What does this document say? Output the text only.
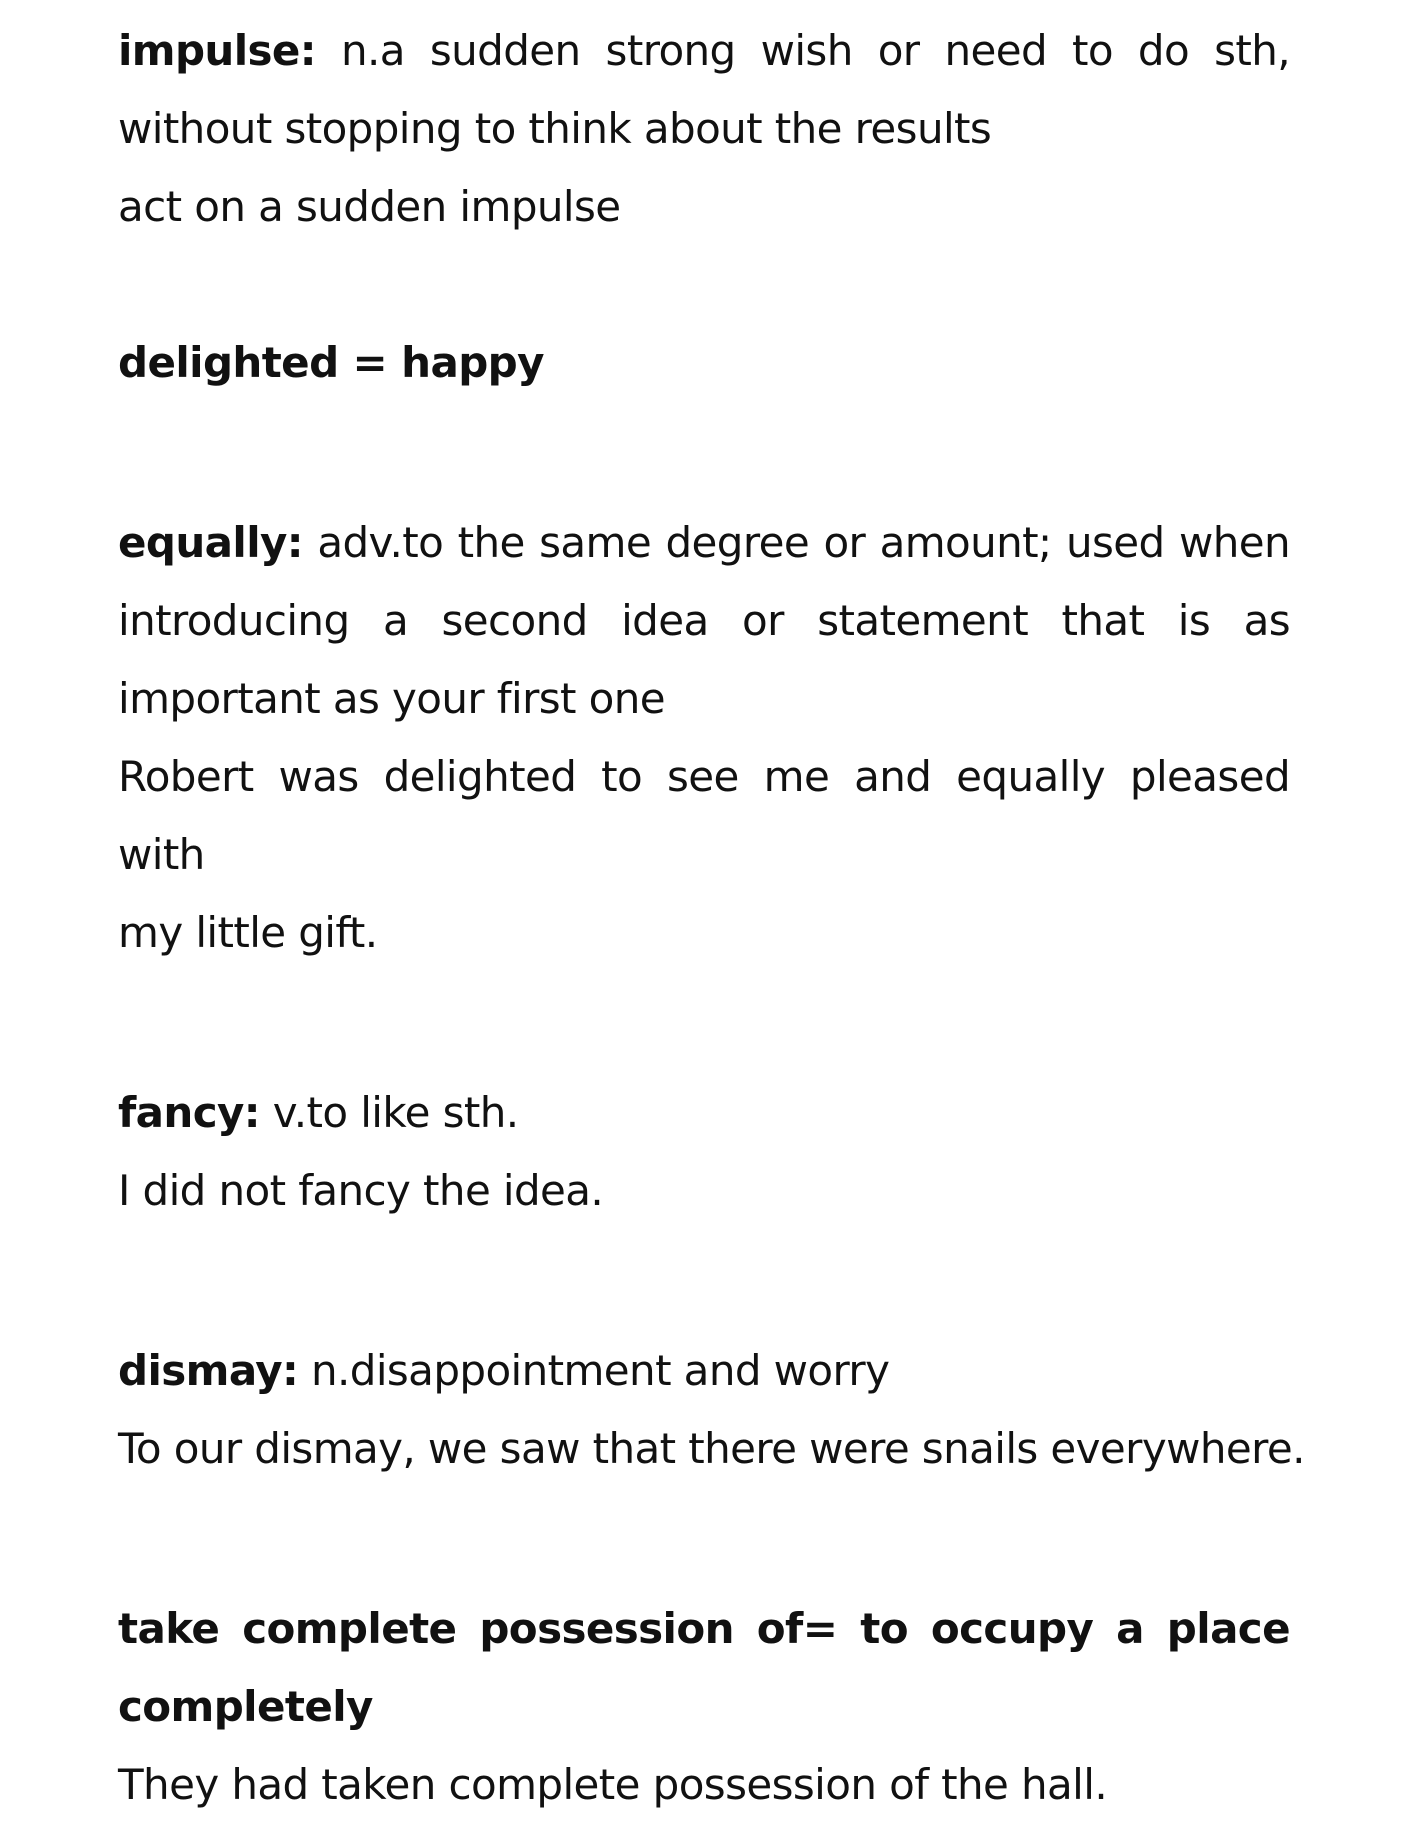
impulse: n.a sudden strong wish or need to do sth,

without stopping to think about the results

act on a sudden impulse

delighted = happy

equally: adv.to the same degree or amount; used when

introducing a second idea or statement that is as

important as your first one

Robert was delighted to see me and equally pleased with

my little gift.

fancy: v.to like sth.

I did not fancy the idea.

dismay: n.disappointment and worry

To our dismay, we saw that there were snails everywhere.

take complete possession of= to occupy a place

completely

They had taken complete possession of the hall.
